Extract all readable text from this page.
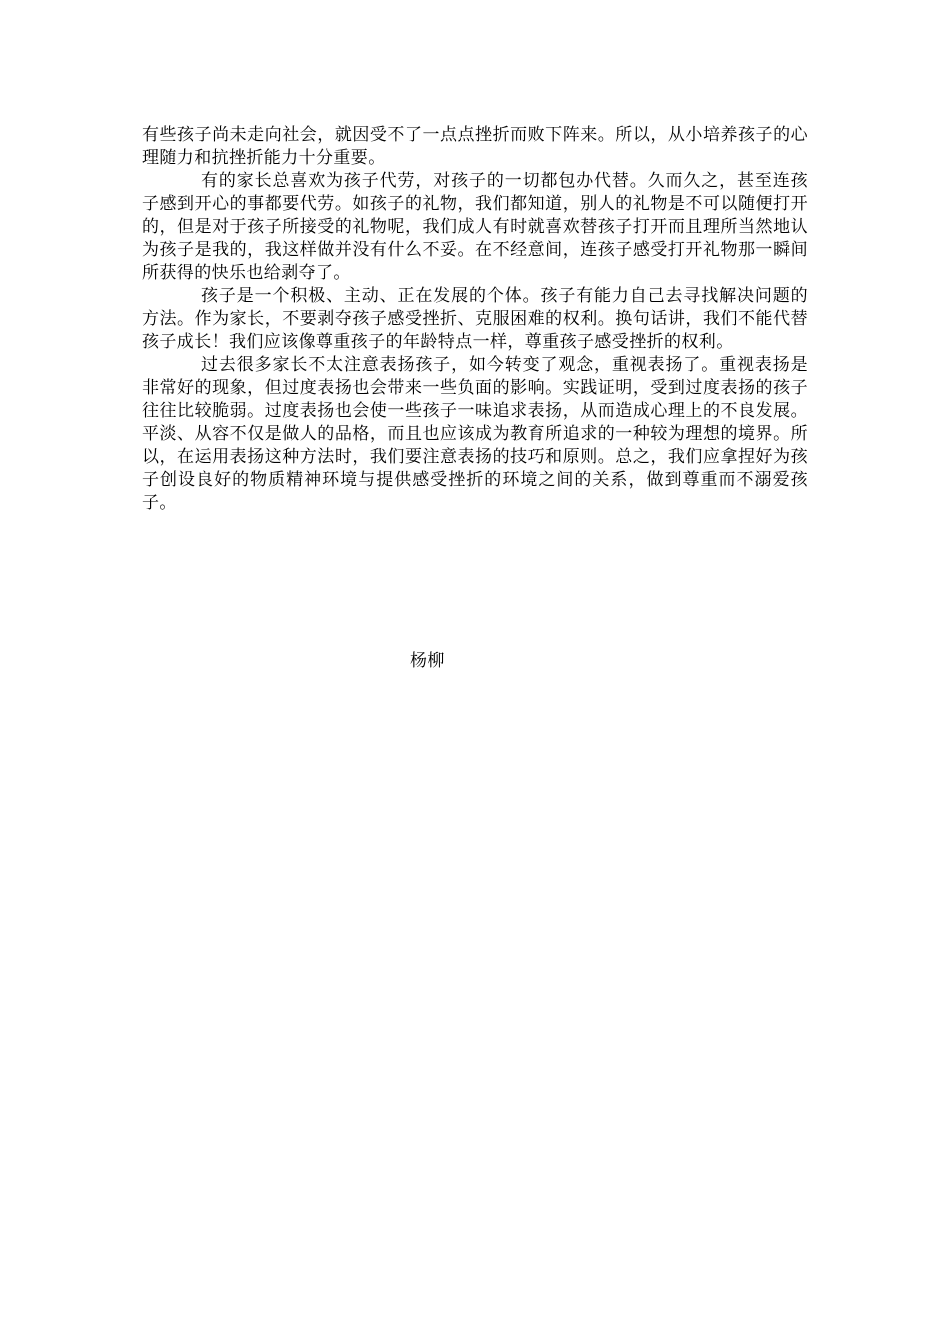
有些孩子尚未走向社会，就因受不了一点点挫折而败下阵来。所以，从小培养孩子的心理随力和抗挫折能力十分重要。

有的家长总喜欢为孩子代劳，对孩子的一切都包办代替。久而久之，甚至连孩子感到开心的事都要代劳。如孩子的礼物，我们都知道，别人的礼物是不可以随便打开的，但是对于孩子所接受的礼物呢，我们成人有时就喜欢替孩子打开而且理所当然地认为孩子是我的，我这样做并没有什么不妥。在不经意间，连孩子感受打开礼物那一瞬间所获得的快乐也给剥夺了。

孩子是一个积极、主动、正在发展的个体。孩子有能力自己去寻找解决问题的方法。作为家长，不要剥夺孩子感受挫折、克服困难的权利。换句话讲，我们不能代替孩子成长！我们应该像尊重孩子的年龄特点一样，尊重孩子感受挫折的权利。

过去很多家长不太注意表扬孩子，如今转变了观念，重视表扬了。重视表扬是非常好的现象，但过度表扬也会带来一些负面的影响。实践证明，受到过度表扬的孩子往往比较脆弱。过度表扬也会使一些孩子一味追求表扬，从而造成心理上的不良发展。平淡、从容不仅是做人的品格，而且也应该成为教育所追求的一种较为理想的境界。所以，在运用表扬这种方法时，我们要注意表扬的技巧和原则。总之，我们应拿捏好为孩子创设良好的物质精神环境与提供感受挫折的环境之间的关系，做到尊重而不溺爱孩子。

杨柳
